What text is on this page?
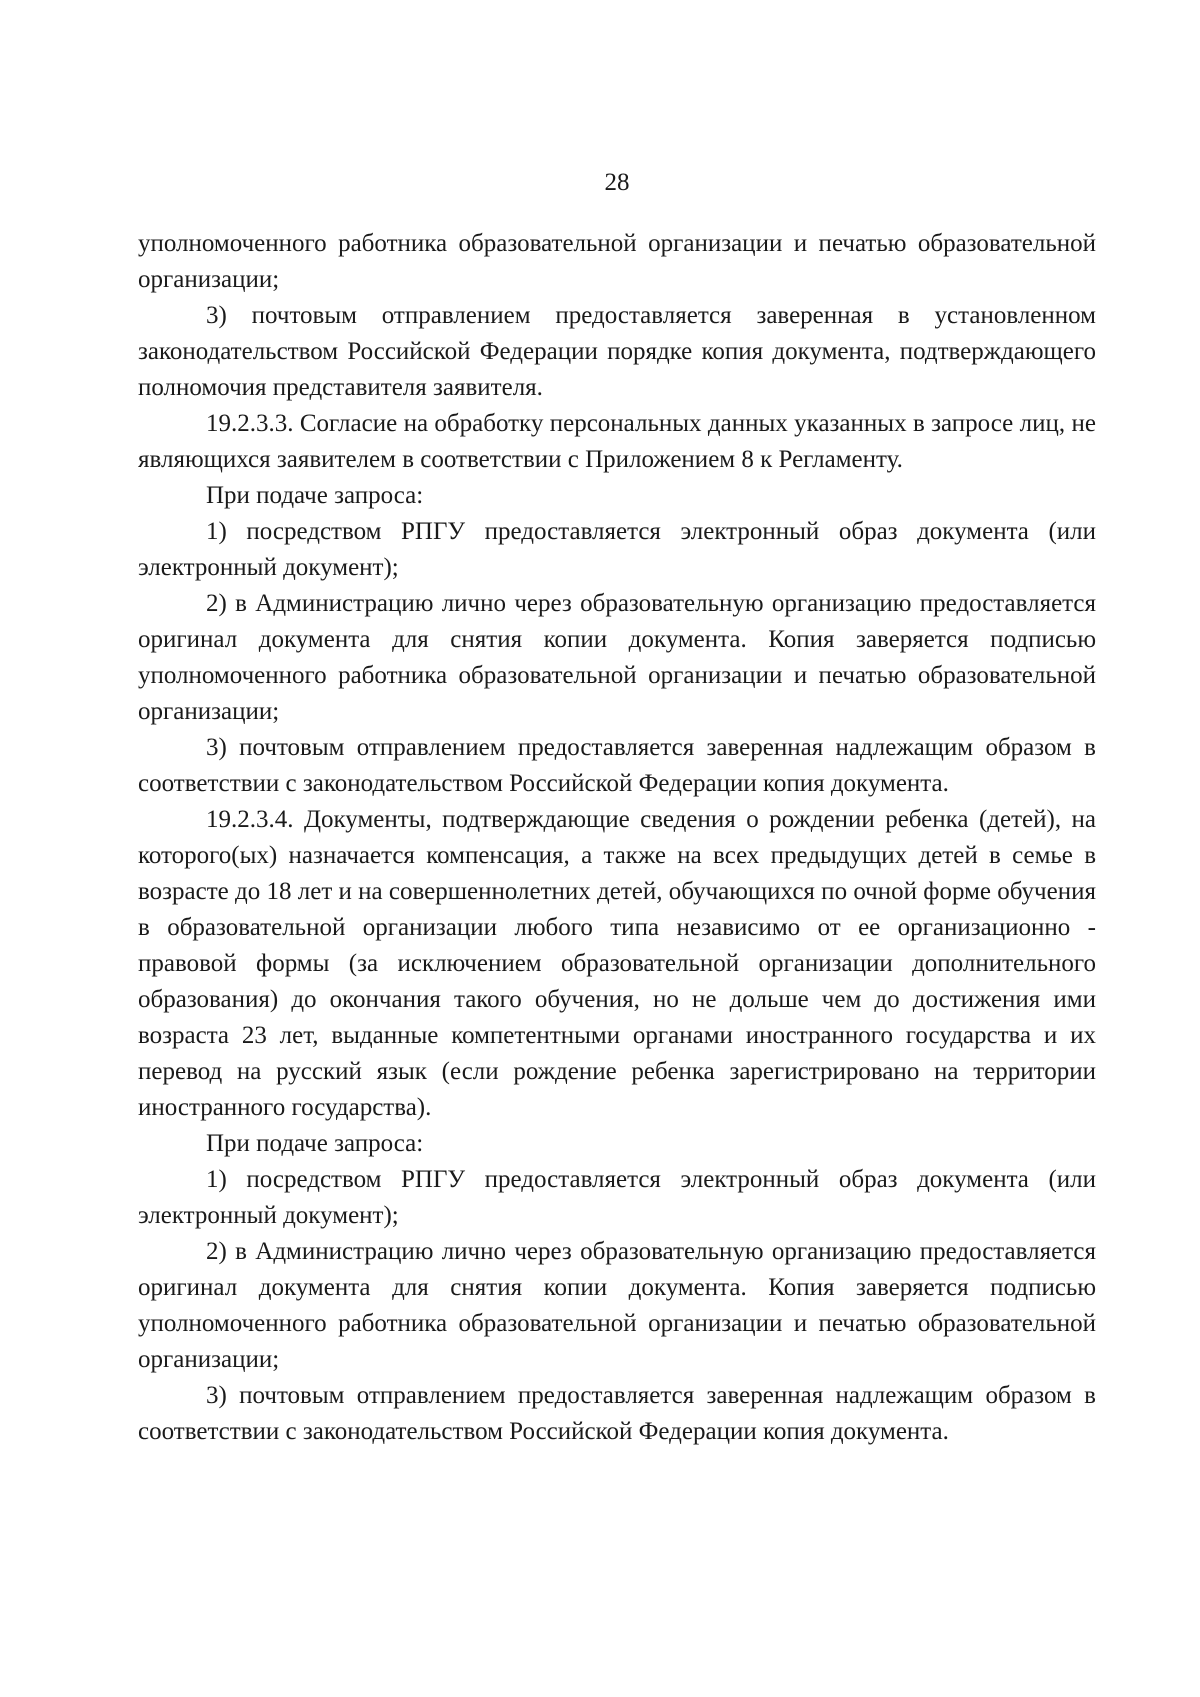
28

уполномоченного работника образовательной организации и печатью образовательной организации;

3) почтовым отправлением предоставляется заверенная в установленном законодательством Российской Федерации порядке копия документа, подтверждающего полномочия представителя заявителя.

19.2.3.3. Согласие на обработку персональных данных указанных в запросе лиц, не являющихся заявителем в соответствии с Приложением 8 к Регламенту.

При подаче запроса:

1) посредством РПГУ предоставляется электронный образ документа (или электронный документ);

2) в Администрацию лично через образовательную организацию предоставляется оригинал документа для снятия копии документа. Копия заверяется подписью уполномоченного работника образовательной организации и печатью образовательной организации;

3) почтовым отправлением предоставляется заверенная надлежащим образом в соответствии с законодательством Российской Федерации копия документа.

19.2.3.4. Документы, подтверждающие сведения о рождении ребенка (детей), на которого(ых) назначается компенсация, а также на всех предыдущих детей в семье в возрасте до 18 лет и на совершеннолетних детей, обучающихся по очной форме обучения в образовательной организации любого типа независимо от ее организационно - правовой формы (за исключением образовательной организации дополнительного образования) до окончания такого обучения, но не дольше чем до достижения ими возраста 23 лет, выданные компетентными органами иностранного государства и их перевод на русский язык (если рождение ребенка зарегистрировано на территории иностранного государства).

При подаче запроса:

1) посредством РПГУ предоставляется электронный образ документа (или электронный документ);

2) в Администрацию лично через образовательную организацию предоставляется оригинал документа для снятия копии документа. Копия заверяется подписью уполномоченного работника образовательной организации и печатью образовательной организации;

3) почтовым отправлением предоставляется заверенная надлежащим образом в соответствии с законодательством Российской Федерации копия документа.
